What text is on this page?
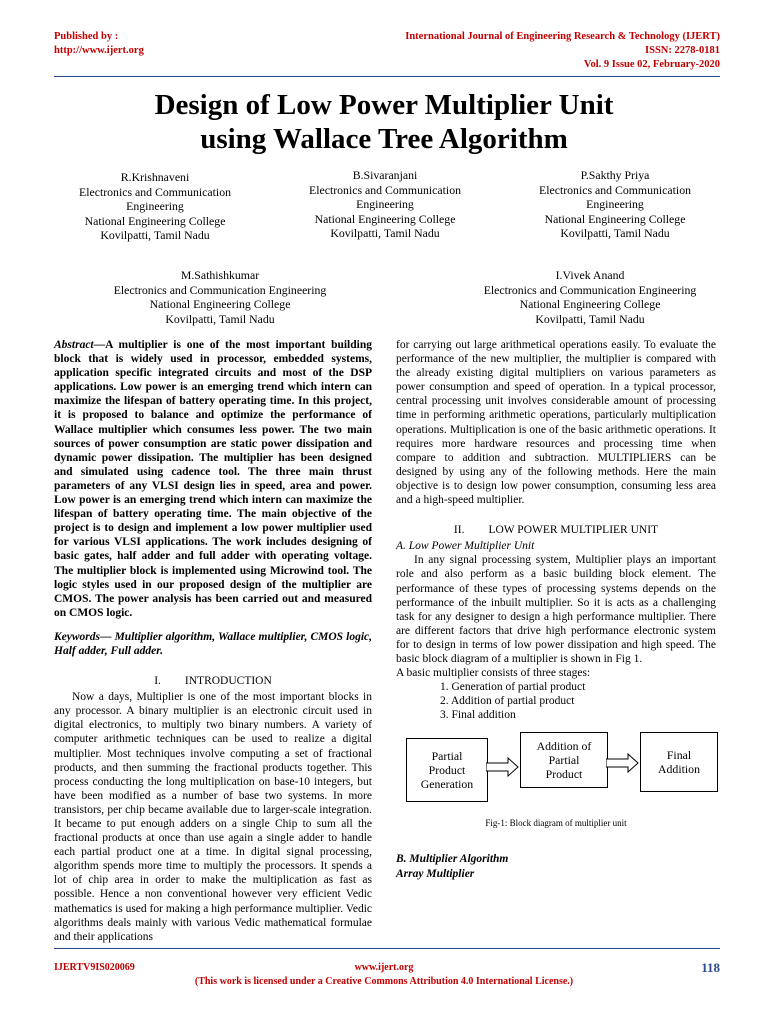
Published by :
http://www.ijert.org
International Journal of Engineering Research & Technology (IJERT)
ISSN: 2278-0181
Vol. 9 Issue 02, February-2020
Design of Low Power Multiplier Unit
using Wallace Tree Algorithm
R.Krishnaveni
Electronics and Communication
Engineering
National Engineering College
Kovilpatti, Tamil Nadu
B.Sivaranjani
Electronics and Communication
Engineering
National Engineering College
Kovilpatti, Tamil Nadu
P.Sakthy Priya
Electronics and Communication
Engineering
National Engineering College
Kovilpatti, Tamil Nadu
M.Sathishkumar
Electronics and Communication Engineering
National Engineering College
Kovilpatti, Tamil Nadu
I.Vivek Anand
Electronics and Communication Engineering
National Engineering College
Kovilpatti, Tamil Nadu
Abstract—A multiplier is one of the most important building block that is widely used in processor, embedded systems, application specific integrated circuits and most of the DSP applications. Low power is an emerging trend which intern can maximize the lifespan of battery operating time. In this project, it is proposed to balance and optimize the performance of Wallace multiplier which consumes less power. The two main sources of power consumption are static power dissipation and dynamic power dissipation. The multiplier has been designed and simulated using cadence tool. The three main thrust parameters of any VLSI design lies in speed, area and power. Low power is an emerging trend which intern can maximize the lifespan of battery operating time. The main objective of the project is to design and implement a low power multiplier used for various VLSI applications. The work includes designing of basic gates, half adder and full adder with operating voltage. The multiplier block is implemented using Microwind tool. The logic styles used in our proposed design of the multiplier are CMOS. The power analysis has been carried out and measured on CMOS logic.
Keywords— Multiplier algorithm, Wallace multiplier, CMOS logic, Half adder, Full adder.
I. INTRODUCTION
Now a days, Multiplier is one of the most important blocks in any processor. A binary multiplier is an electronic circuit used in digital electronics, to multiply two binary numbers. A variety of computer arithmetic techniques can be used to realize a digital multiplier. Most techniques involve computing a set of fractional products, and then summing the fractional products together. This process conducting the long multiplication on base-10 integers, but have been modified as a number of base two systems. In more transistors, per chip became available due to larger-scale integration. It became to put enough adders on a single Chip to sum all the fractional products at once than use again a single adder to handle each partial product one at a time. In digital signal processing, algorithm spends more time to multiply the processors. It spends a lot of chip area in order to make the multiplication as fast as possible. Hence a non conventional however very efficient Vedic mathematics is used for making a high performance multiplier. Vedic algorithms deals mainly with various Vedic mathematical formulae and their applications
for carrying out large arithmetical operations easily. To evaluate the performance of the new multiplier, the multiplier is compared with the already existing digital multipliers on various parameters as power consumption and speed of operation. In a typical processor, central processing unit involves considerable amount of processing time in performing arithmetic operations, particularly multiplication operations. Multiplication is one of the basic arithmetic operations. It requires more hardware resources and processing time when compare to addition and subtraction. MULTIPLIERS can be designed by using any of the following methods. Here the main objective is to design low power consumption, consuming less area and a high-speed multiplier.
II. LOW POWER MULTIPLIER UNIT
A. Low Power Multiplier Unit
In any signal processing system, Multiplier plays an important role and also perform as a basic building block element. The performance of these types of processing systems depends on the performance of the inbuilt multiplier. So it is acts as a challenging task for any designer to design a high performance multiplier. There are different factors that drive high performance electronic system for to design in terms of low power dissipation and high speed. The basic block diagram of a multiplier is shown in Fig 1.
A basic multiplier consists of three stages:
1. Generation of partial product
2. Addition of partial product
3. Final addition
Partial
Product
Generation
Addition of
Partial
Product
Final
Addition
Fig-1: Block diagram of multiplier unit
B. Multiplier Algorithm
Array Multiplier
IJERTV9IS020069	www.ijert.org	118
(This work is licensed under a Creative Commons Attribution 4.0 International License.)
